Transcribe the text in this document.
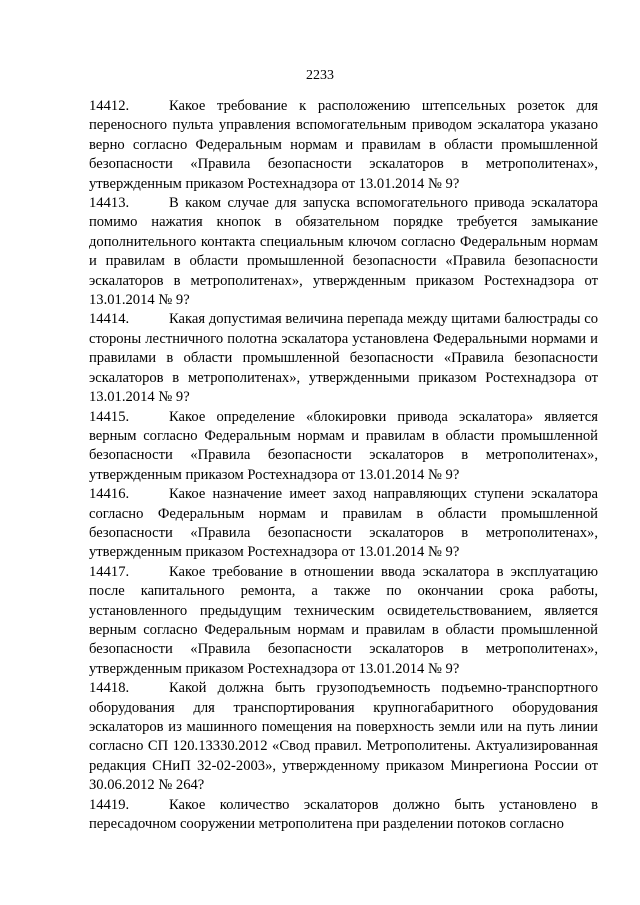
2233

14412.	Какое требование к расположению штепсельных розеток для переносного пульта управления вспомогательным приводом эскалатора указано верно согласно Федеральным нормам и правилам в области промышленной безопасности «Правила безопасности эскалаторов в метрополитенах», утвержденным приказом Ростехнадзора от 13.01.2014 № 9?

14413.	В каком случае для запуска вспомогательного привода эскалатора помимо нажатия кнопок в обязательном порядке требуется замыкание дополнительного контакта специальным ключом согласно Федеральным нормам и правилам в области промышленной безопасности «Правила безопасности эскалаторов в метрополитенах», утвержденным приказом Ростехнадзора от 13.01.2014 № 9?

14414.	Какая допустимая величина перепада между щитами балюстрады со стороны лестничного полотна эскалатора установлена Федеральными нормами и правилами в области промышленной безопасности «Правила безопасности эскалаторов в метрополитенах», утвержденными приказом Ростехнадзора от 13.01.2014 № 9?

14415.	Какое определение «блокировки привода эскалатора» является верным согласно Федеральным нормам и правилам в области промышленной безопасности «Правила безопасности эскалаторов в метрополитенах», утвержденным приказом Ростехнадзора от 13.01.2014 № 9?

14416.	Какое назначение имеет заход направляющих ступени эскалатора согласно Федеральным нормам и правилам в области промышленной безопасности «Правила безопасности эскалаторов в метрополитенах», утвержденным приказом Ростехнадзора от 13.01.2014 № 9?

14417.	Какое требование в отношении ввода эскалатора в эксплуатацию после капитального ремонта, а также по окончании срока работы, установленного предыдущим техническим освидетельствованием, является верным согласно Федеральным нормам и правилам в области промышленной безопасности «Правила безопасности эскалаторов в метрополитенах», утвержденным приказом Ростехнадзора от 13.01.2014 № 9?

14418.	Какой должна быть грузоподъемность подъемно-транспортного оборудования для транспортирования крупногабаритного оборудования эскалаторов из машинного помещения на поверхность земли или на путь линии согласно СП 120.13330.2012 «Свод правил. Метрополитены. Актуализированная редакция СНиП 32-02-2003», утвержденному приказом Минрегиона России от 30.06.2012 № 264?

14419.	Какое количество эскалаторов должно быть установлено в пересадочном сооружении метрополитена при разделении потоков согласно
